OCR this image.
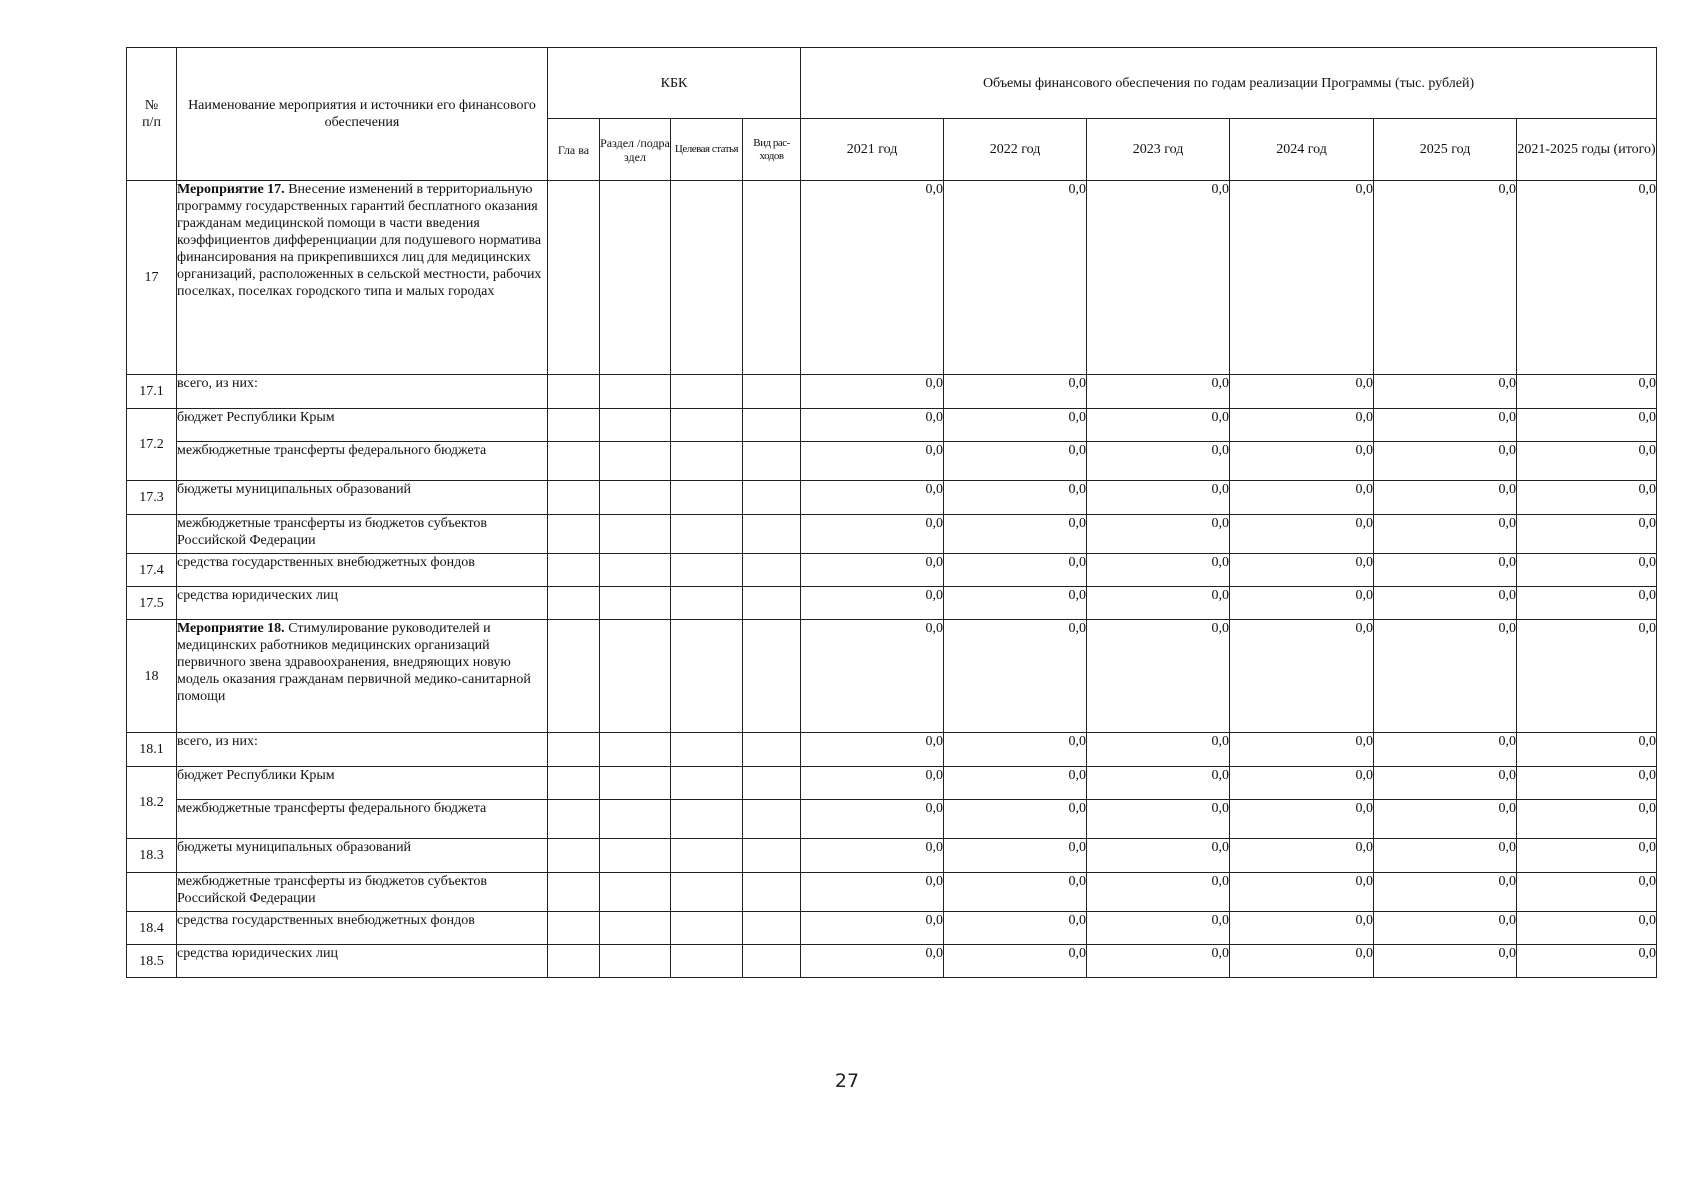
№
п/п	Наименование мероприятия и источники его финансового обеспечения	КБК				Объемы финансового обеспечения по годам реализации Программы (тыс. рублей)					
		Гла ва	Раздел /подра здел	Целевая статья	Вид рас- ходов	2021 год	2022 год	2023 год	2024 год	2025 год	2021-2025 годы (итого)
17	Мероприятие 17. Внесение изменений в территориальную программу государственных гарантий бесплатного оказания гражданам медицинской помощи в части введения коэффициентов дифференциации для подушевого норматива финансирования на прикрепившихся лиц для медицинских организаций, расположенных в сельской местности, рабочих поселках, поселках городского типа и малых городах					0,0	0,0	0,0	0,0	0,0	0,0
17.1	всего, из них:					0,0	0,0	0,0	0,0	0,0	0,0
17.2	бюджет Республики Крым					0,0	0,0	0,0	0,0	0,0	0,0
	межбюджетные трансферты федерального бюджета					0,0	0,0	0,0	0,0	0,0	0,0
17.3	бюджеты муниципальных образований					0,0	0,0	0,0	0,0	0,0	0,0
	межбюджетные трансферты из бюджетов субъектов Российской Федерации					0,0	0,0	0,0	0,0	0,0	0,0
17.4	средства государственных внебюджетных фондов					0,0	0,0	0,0	0,0	0,0	0,0
17.5	средства юридических лиц					0,0	0,0	0,0	0,0	0,0	0,0
18	Мероприятие 18. Стимулирование руководителей и медицинских работников медицинских организаций первичного звена здравоохранения, внедряющих новую модель оказания гражданам первичной медико-санитарной помощи					0,0	0,0	0,0	0,0	0,0	0,0
18.1	всего, из них:					0,0	0,0	0,0	0,0	0,0	0,0
18.2	бюджет Республики Крым					0,0	0,0	0,0	0,0	0,0	0,0
	межбюджетные трансферты федерального бюджета					0,0	0,0	0,0	0,0	0,0	0,0
18.3	бюджеты муниципальных образований					0,0	0,0	0,0	0,0	0,0	0,0
	межбюджетные трансферты из бюджетов субъектов Российской Федерации					0,0	0,0	0,0	0,0	0,0	0,0
18.4	средства государственных внебюджетных фондов					0,0	0,0	0,0	0,0	0,0	0,0
18.5	средства юридических лиц					0,0	0,0	0,0	0,0	0,0	0,0
27
